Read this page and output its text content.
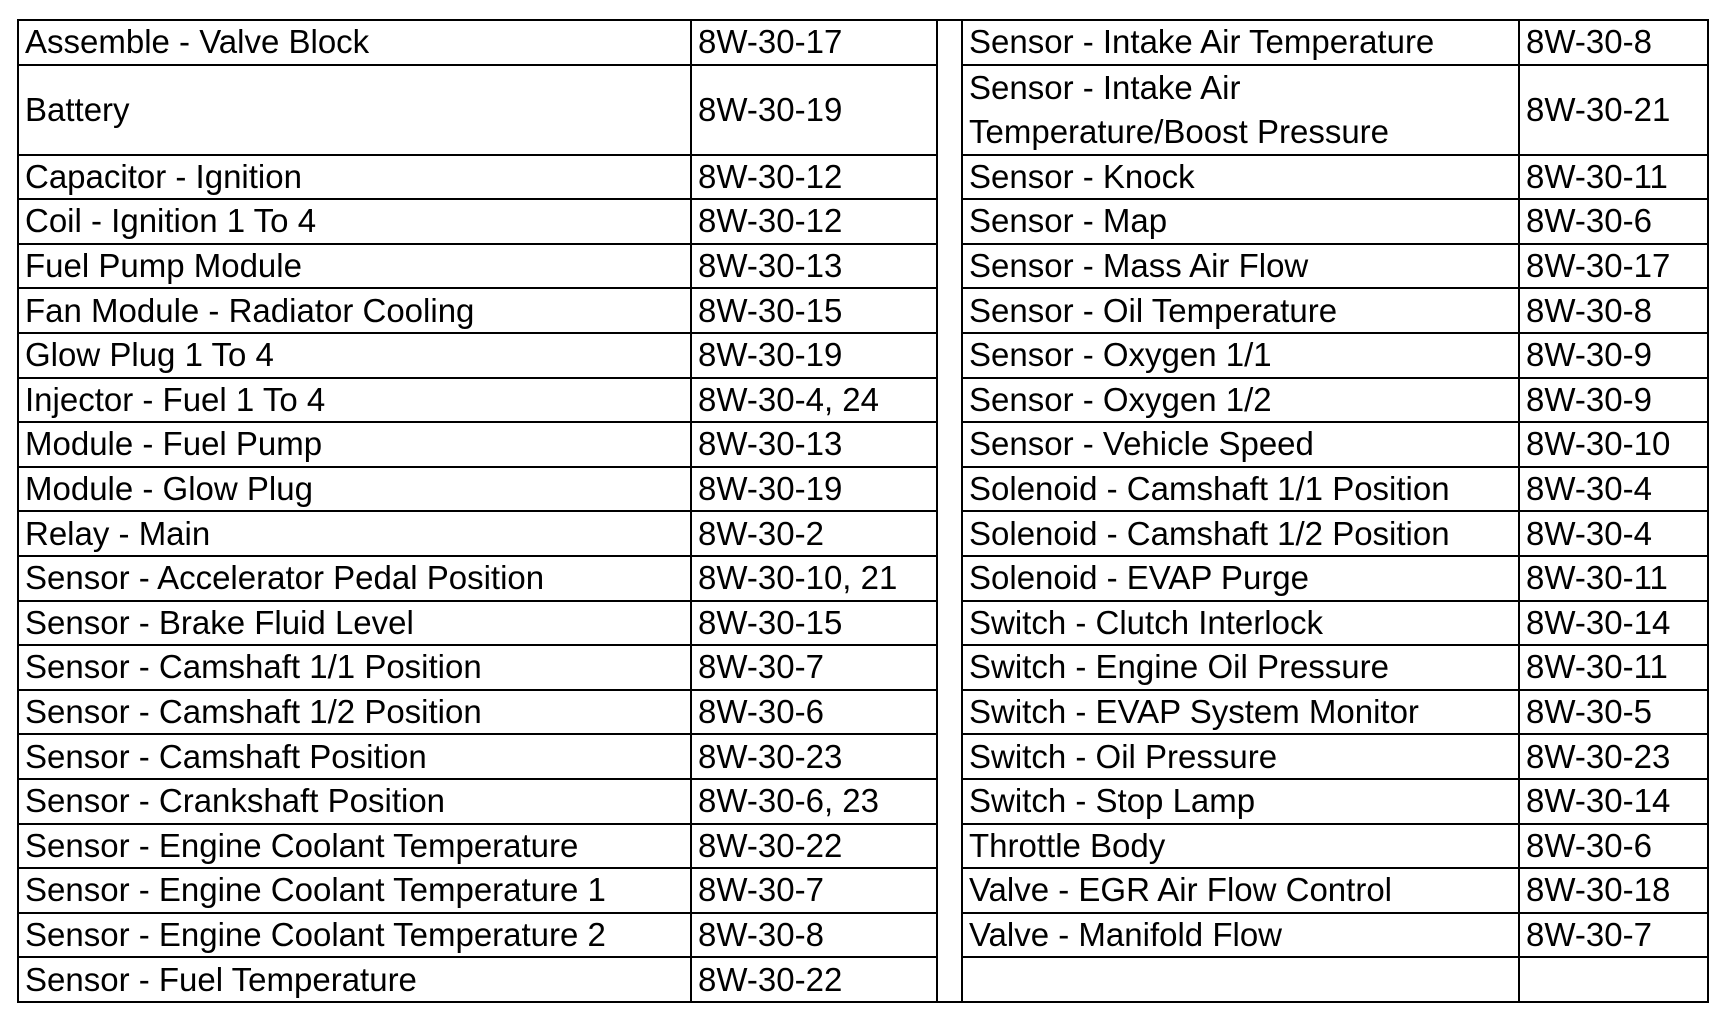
Assemble - Valve Block	8W-30-17		Sensor - Intake Air Temperature	8W-30-8
Battery	8W-30-19		Sensor - Intake Air Temperature/Boost Pressure	8W-30-21
Capacitor - Ignition	8W-30-12		Sensor - Knock	8W-30-11
Coil - Ignition 1 To 4	8W-30-12		Sensor - Map	8W-30-6
Fuel Pump Module	8W-30-13		Sensor - Mass Air Flow	8W-30-17
Fan Module - Radiator Cooling	8W-30-15		Sensor - Oil Temperature	8W-30-8
Glow Plug 1 To 4	8W-30-19		Sensor - Oxygen 1/1	8W-30-9
Injector - Fuel 1 To 4	8W-30-4, 24		Sensor - Oxygen 1/2	8W-30-9
Module - Fuel Pump	8W-30-13		Sensor - Vehicle Speed	8W-30-10
Module - Glow Plug	8W-30-19		Solenoid - Camshaft 1/1 Position	8W-30-4
Relay - Main	8W-30-2		Solenoid - Camshaft 1/2 Position	8W-30-4
Sensor - Accelerator Pedal Position	8W-30-10, 21		Solenoid - EVAP Purge	8W-30-11
Sensor - Brake Fluid Level	8W-30-15		Switch - Clutch Interlock	8W-30-14
Sensor - Camshaft 1/1 Position	8W-30-7		Switch - Engine Oil Pressure	8W-30-11
Sensor - Camshaft 1/2 Position	8W-30-6		Switch - EVAP System Monitor	8W-30-5
Sensor - Camshaft Position	8W-30-23		Switch - Oil Pressure	8W-30-23
Sensor - Crankshaft Position	8W-30-6, 23		Switch - Stop Lamp	8W-30-14
Sensor - Engine Coolant Temperature	8W-30-22		Throttle Body	8W-30-6
Sensor - Engine Coolant Temperature 1	8W-30-7		Valve - EGR Air Flow Control	8W-30-18
Sensor - Engine Coolant Temperature 2	8W-30-8		Valve - Manifold Flow	8W-30-7
Sensor - Fuel Temperature	8W-30-22			
